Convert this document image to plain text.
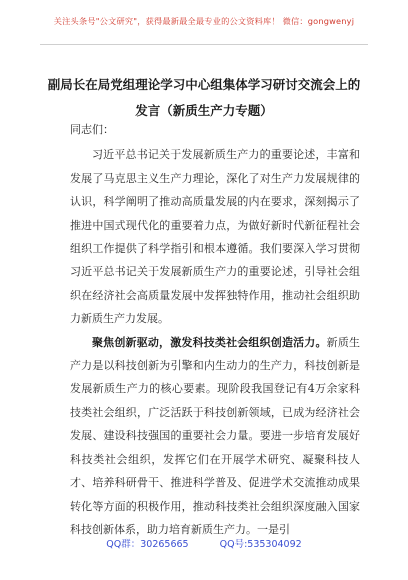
关注头条号"公文研究"，获得最新最全最专业的公文资料库！ 微信：gongwenyj
副局长在局党组理论学习中心组集体学习研讨交流会上的
发言（新质生产力专题）

同志们：

习近平总书记关于发展新质生产力的重要论述，丰富和发展了马克思主义生产力理论，深化了对生产力发展规律的认识，科学阐明了推动高质量发展的内在要求，深刻揭示了推进中国式现代化的重要着力点，为做好新时代新征程社会组织工作提供了科学指引和根本遵循。我们要深入学习贯彻习近平总书记关于发展新质生产力的重要论述，引导社会组织在经济社会高质量发展中发挥独特作用，推动社会组织助力新质生产力发展。

聚焦创新驱动，激发科技类社会组织创造活力。新质生产力是以科技创新为引擎和内生动力的生产力，科技创新是发展新质生产力的核心要素。现阶段我国登记有4万余家科技类社会组织，广泛活跃于科技创新领域，已成为经济社会发展、建设科技强国的重要社会力量。要进一步培育发展好科技类社会组织，发挥它们在开展学术研究、凝聚科技人才、培养科研骨干、推进科学普及、促进学术交流推动成果转化等方面的积极作用，推动科技类社会组织深度融入国家科技创新体系，助力培育新质生产力。一是引

QQ群：30265665	QQ号:535304092
